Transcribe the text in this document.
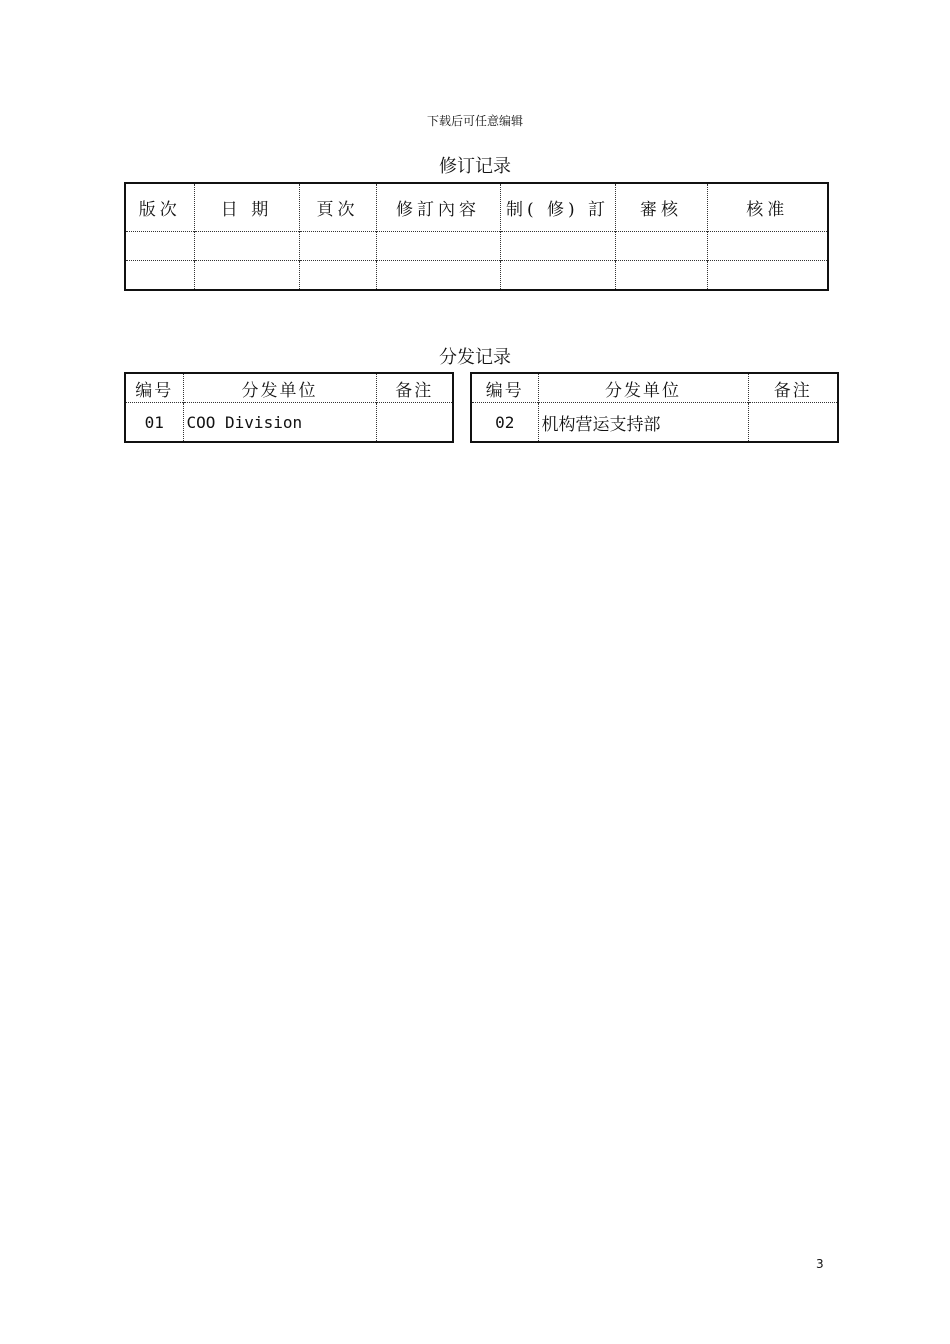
下载后可任意编辑
修订记录
版次	日 期	頁次	修訂內容	制( 修) 訂	審核	核准

分发记录
编号	分发单位	备注
01	COO Division	
编号	分发单位	备注
02	机构营运支持部	
3
